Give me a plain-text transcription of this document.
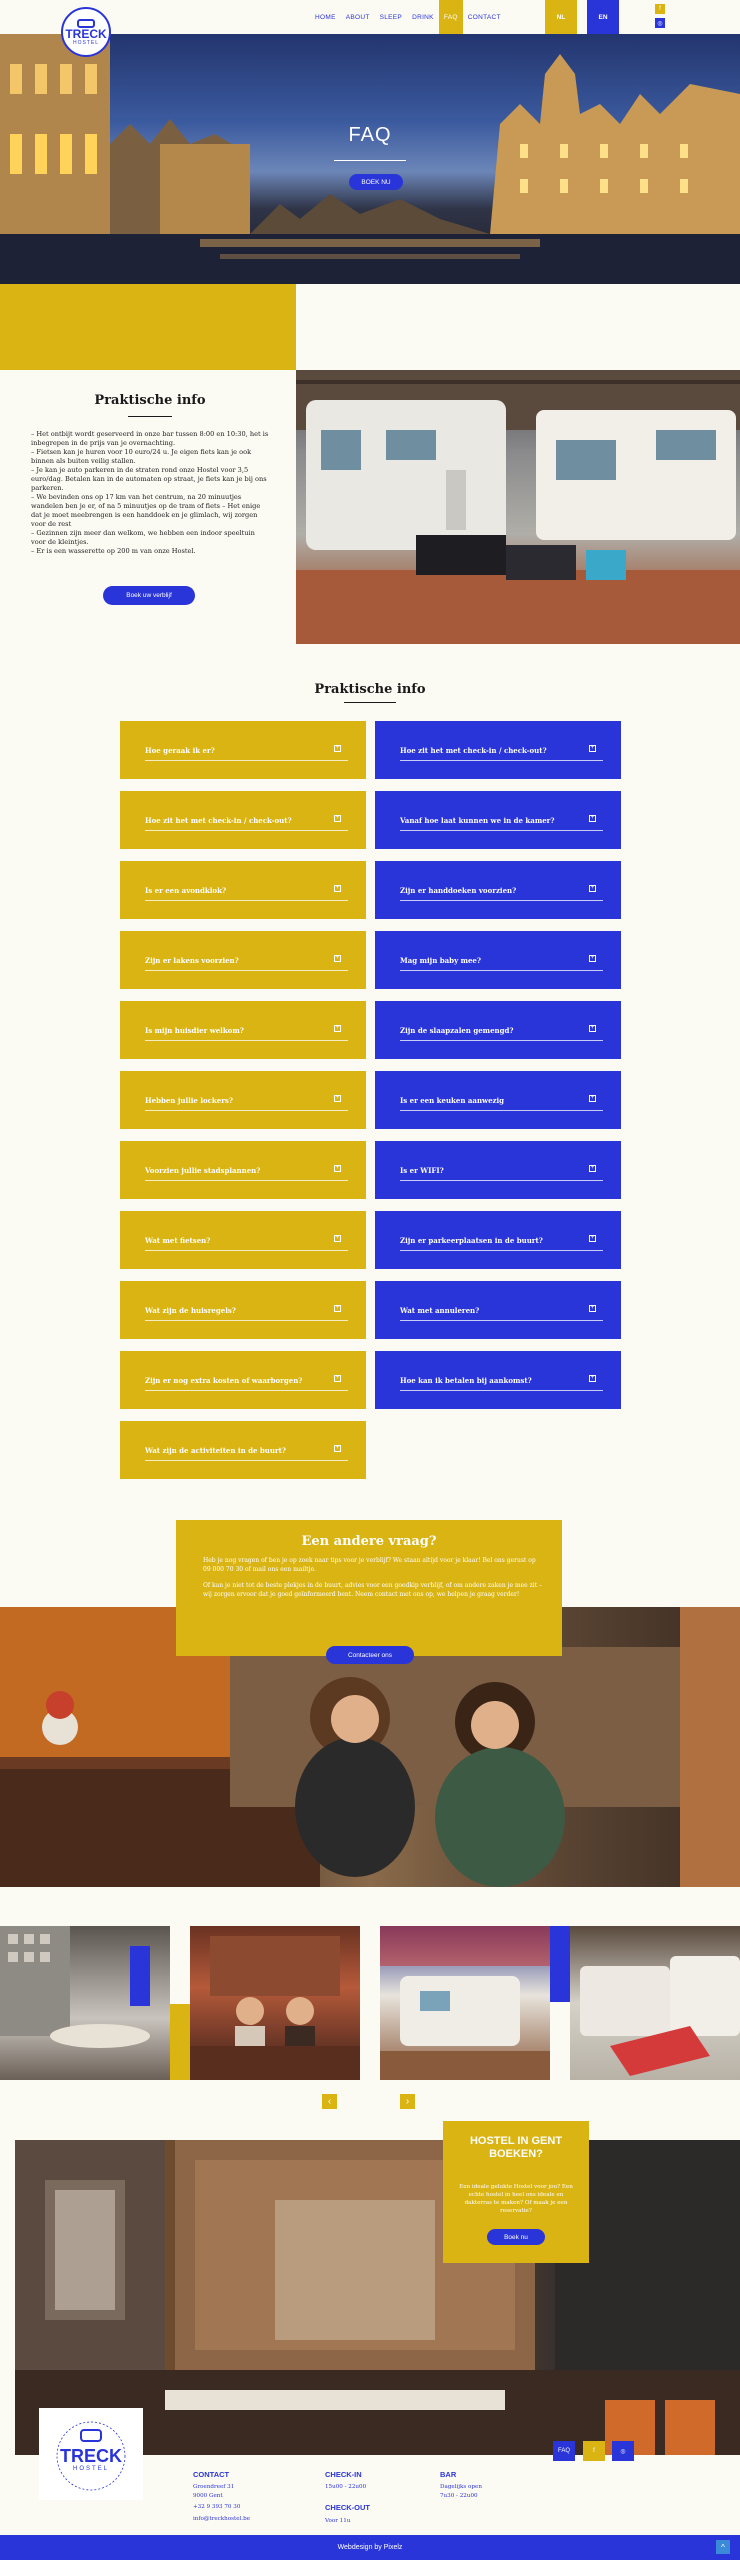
TRECK
HOSTEL
HOME	ABOUT	SLEEP	DRINK	FAQ	CONTACT	NL	EN
f
◎
FAQ
BOEK NU
Praktische info
– Het ontbijt wordt geserveerd in onze bar tussen 8:00 en 10:30, het is inbegrepen in de prijs van je overnachting.
– Fietsen kan je huren voor 10 euro/24 u. Je eigen fiets kan je ook binnen als buiten veilig stallen.
– Je kan je auto parkeren in de straten rond onze Hostel voor 3,5 euro/dag. Betalen kan in de automaten op straat, je fiets kan je bij ons parkeren.
– We bevinden ons op 17 km van het centrum, na 20 minuutjes wandelen ben je er, of na 5 minuutjes op de tram of fiets – Het enige dat je moet meebrengen is een handdoek en je glimlach, wij zorgen voor de rest
– Gezinnen zijn meer dan welkom, we hebben een indoor speeltuin voor de kleintjes.
– Er is een wasserette op 200 m van onze Hostel.
Boek uw verblijf
Praktische info
Hoe geraak ik er?	+
Hoe zit het met check-in / check-out?	+
Is er een avondklok?	+
Zijn er lakens voorzien?	+
Is mijn huisdier welkom?	+
Hebben jullie lockers?	+
Voorzien jullie stadsplannen?	+
Wat met fietsen?	+
Wat zijn de huisregels?	+
Zijn er nog extra kosten of waarborgen?	+
Wat zijn de activiteiten in de buurt?	+
Hoe zit het met check-in / check-out?	+
Vanaf hoe laat kunnen we in de kamer?	+
Zijn er handdoeken voorzien?	+
Mag mijn baby mee?	+
Zijn de slaapzalen gemengd?	+
Is er een keuken aanwezig	+
Is er WIFI?	+
Zijn er parkeerplaatsen in de buurt?	+
Wat met annuleren?	+
Hoe kan ik betalen bij aankomst?	+
Een andere vraag?

Heb je nog vragen of ben je op zoek naar tips voor je verblijf? We staan altijd voor je klaar! Bel ons gerust op 09 000 70 30 of mail ons een mailtje.

Of kan je niet tot de beste plekjes in de buurt, advies voor een goedkip verblijf, of om andere zaken je mee zit – wij zorgen ervoor dat je goed geïnformeerd bent. Neem contact met ons op, we helpen je graag verder!

Contacteer ons
‹	›
HOSTEL IN GENT BOEKEN?
Een ideale gelukte Hostel voor jou? Een echte hostel in heel ons ideale en dakterras te maken? Of maak je een reservatie?
Boek nu
TRECK
HOSTEL
CONTACT
Groendreef 31
9000 Gent
+32 9 393 70 30
info@treckhostel.be
CHECK-IN
15u00 - 22u00
CHECK-OUT
Voor 11u
BAR
Dagelijks open
7u30 - 22u00
FAQ	f	◎
Webdesign by Pixelz	^
